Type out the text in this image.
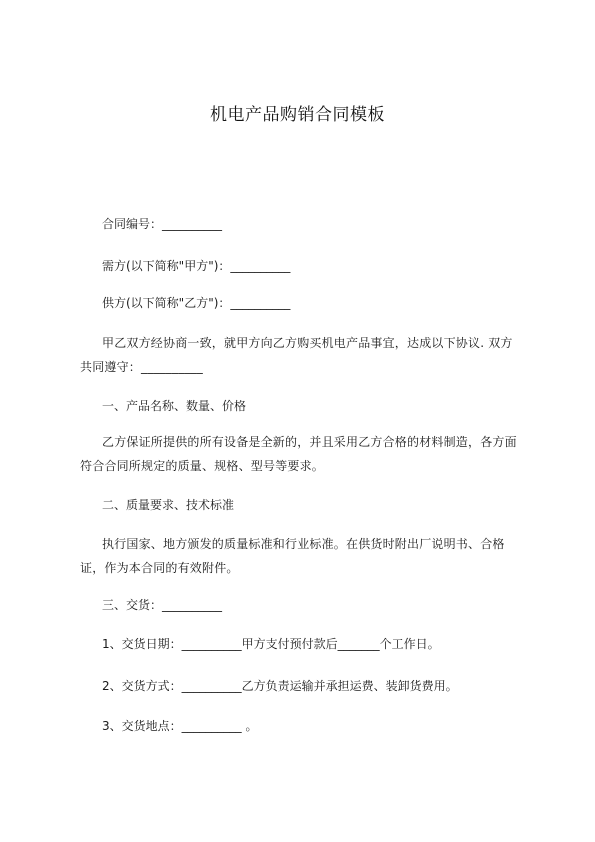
机电产品购销合同模板
合同编号：__________
需方(以下简称"甲方")：__________
供方(以下简称"乙方")：__________
甲乙双方经协商一致，就甲方向乙方购买机电产品事宜，达成以下协议. 双方共同遵守：__________
一、产品名称、数量、价格
乙方保证所提供的所有设备是全新的，并且采用乙方合格的材料制造，各方面符合合同所规定的质量、规格、型号等要求。
二、质量要求、技术标准
执行国家、地方颁发的质量标准和行业标准。在供货时附出厂说明书、合格证，作为本合同的有效附件。
三、交货：__________
1、交货日期：__________甲方支付预付款后_______个工作日。
2、交货方式：__________乙方负责运输并承担运费、装卸货费用。
3、交货地点：__________ 。
